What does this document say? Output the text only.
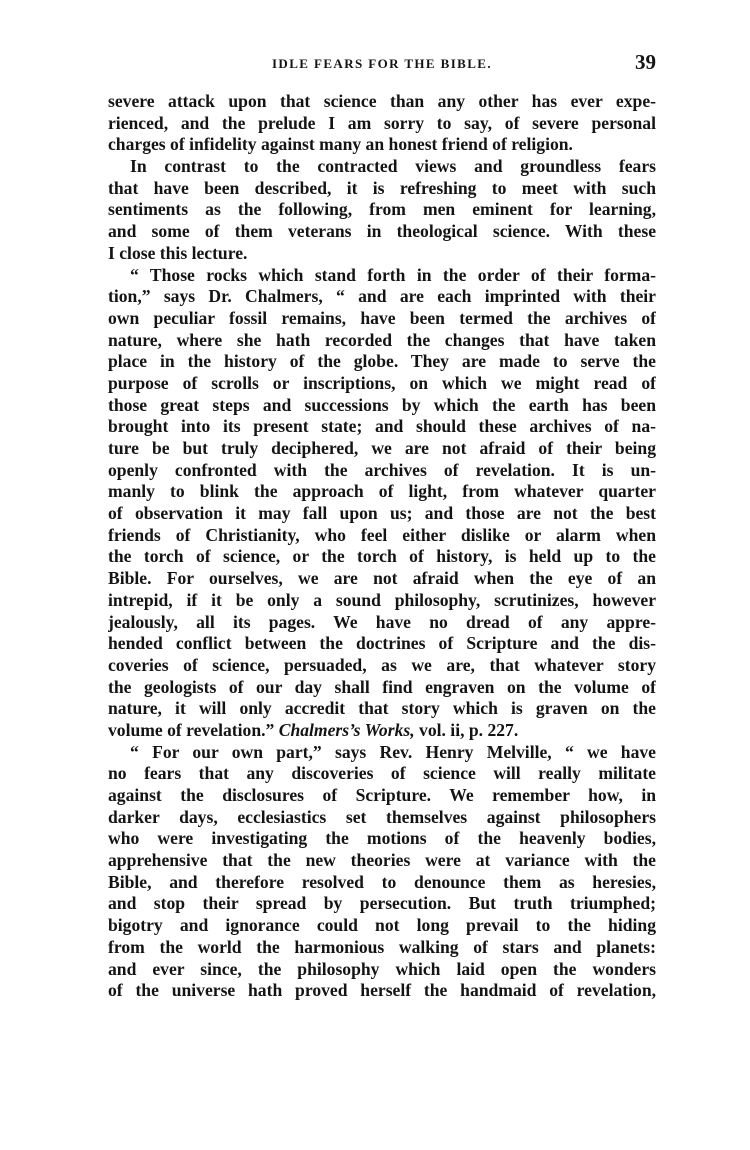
IDLE FEARS FOR THE BIBLE.	39
severe attack upon that science than any other has ever expe-
rienced, and the prelude I am sorry to say, of severe personal
charges of infidelity against many an honest friend of religion.
In contrast to the contracted views and groundless fears
that have been described, it is refreshing to meet with such
sentiments as the following, from men eminent for learning,
and some of them veterans in theological science. With these
I close this lecture.
“ Those rocks which stand forth in the order of their forma-
tion,” says Dr. Chalmers, “ and are each imprinted with their
own peculiar fossil remains, have been termed the archives of
nature, where she hath recorded the changes that have taken
place in the history of the globe. They are made to serve the
purpose of scrolls or inscriptions, on which we might read of
those great steps and successions by which the earth has been
brought into its present state; and should these archives of na-
ture be but truly deciphered, we are not afraid of their being
openly confronted with the archives of revelation. It is un-
manly to blink the approach of light, from whatever quarter
of observation it may fall upon us; and those are not the best
friends of Christianity, who feel either dislike or alarm when
the torch of science, or the torch of history, is held up to the
Bible. For ourselves, we are not afraid when the eye of an
intrepid, if it be only a sound philosophy, scrutinizes, however
jealously, all its pages. We have no dread of any appre-
hended conflict between the doctrines of Scripture and the dis-
coveries of science, persuaded, as we are, that whatever story
the geologists of our day shall find engraven on the volume of
nature, it will only accredit that story which is graven on the
volume of revelation.” Chalmers’s Works, vol. ii, p. 227.
“ For our own part,” says Rev. Henry Melville, “ we have
no fears that any discoveries of science will really militate
against the disclosures of Scripture. We remember how, in
darker days, ecclesiastics set themselves against philosophers
who were investigating the motions of the heavenly bodies,
apprehensive that the new theories were at variance with the
Bible, and therefore resolved to denounce them as heresies,
and stop their spread by persecution. But truth triumphed;
bigotry and ignorance could not long prevail to the hiding
from the world the harmonious walking of stars and planets:
and ever since, the philosophy which laid open the wonders
of the universe hath proved herself the handmaid of revelation,
